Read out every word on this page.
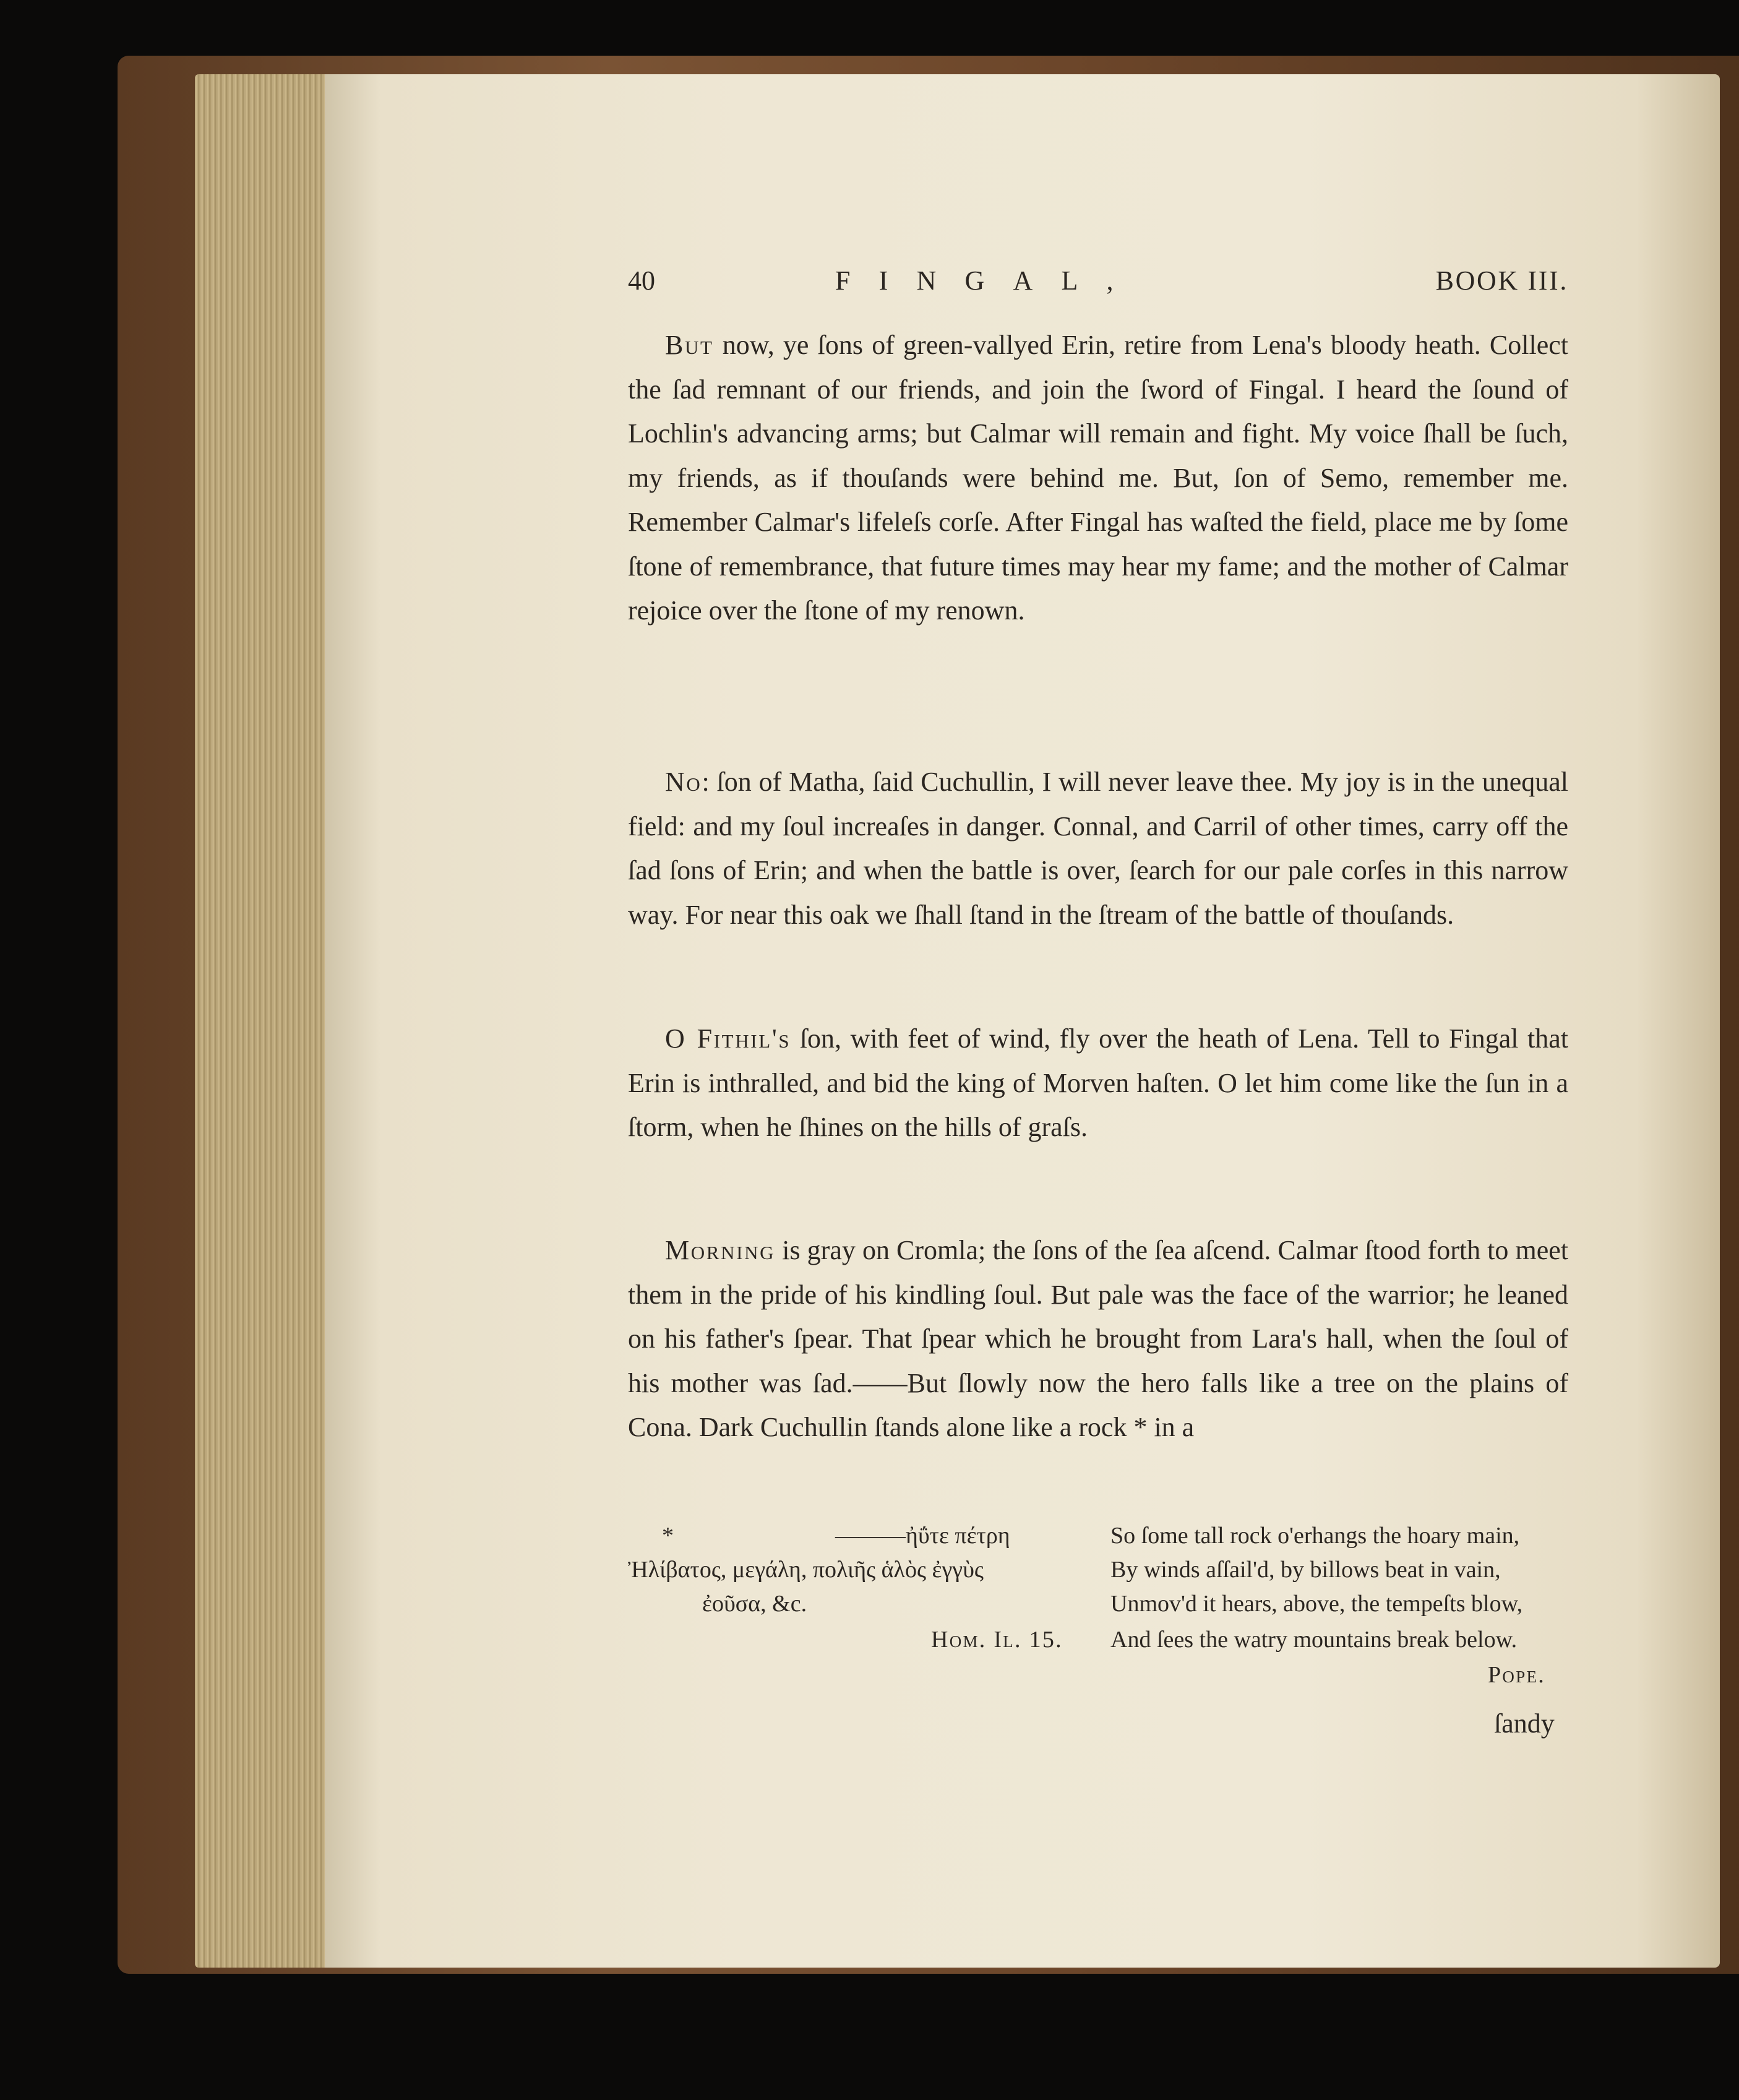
40	FINGAL,	BOOK III.

But now, ye ſons of green-vallyed Erin, retire from Lena's bloody heath. Collect the ſad remnant of our friends, and join the ſword of Fingal. I heard the ſound of Lochlin's advancing arms; but Calmar will remain and fight. My voice ſhall be ſuch, my friends, as if thouſands were behind me. But, ſon of Semo, remember me. Remember Calmar's lifeleſs corſe. After Fingal has waſted the field, place me by ſome ſtone of remembrance, that future times may hear my fame; and the mother of Calmar rejoice over the ſtone of my renown.

No: ſon of Matha, ſaid Cuchullin, I will never leave thee. My joy is in the unequal field: and my ſoul increaſes in danger. Connal, and Carril of other times, carry off the ſad ſons of Erin; and when the battle is over, ſearch for our pale corſes in this narrow way. For near this oak we ſhall ſtand in the ſtream of the battle of thouſands.

O Fithil's ſon, with feet of wind, fly over the heath of Lena. Tell to Fingal that Erin is inthralled, and bid the king of Morven haſten. O let him come like the ſun in a ſtorm, when he ſhines on the hills of graſs.

Morning is gray on Cromla; the ſons of the ſea aſcend. Calmar ſtood forth to meet them in the pride of his kindling ſoul. But pale was the face of the warrior; he leaned on his father's ſpear. That ſpear which he brought from Lara's hall, when the ſoul of his mother was ſad.——But ſlowly now the hero falls like a tree on the plains of Cona. Dark Cuchullin ſtands alone like a rock * in a

*	———ἠΰτε πέτρη
Ἠλίβατος, μεγάλη, πολιῆς ἁλὸς ἐγγὺς
ἐοῦσα, &c.
Hom. Il. 15.
So ſome tall rock o'erhangs the hoary main,
By winds aſſail'd, by billows beat in vain,
Unmov'd it hears, above, the tempeſts blow,
And ſees the watry mountains break below.
Pope.
ſandy
